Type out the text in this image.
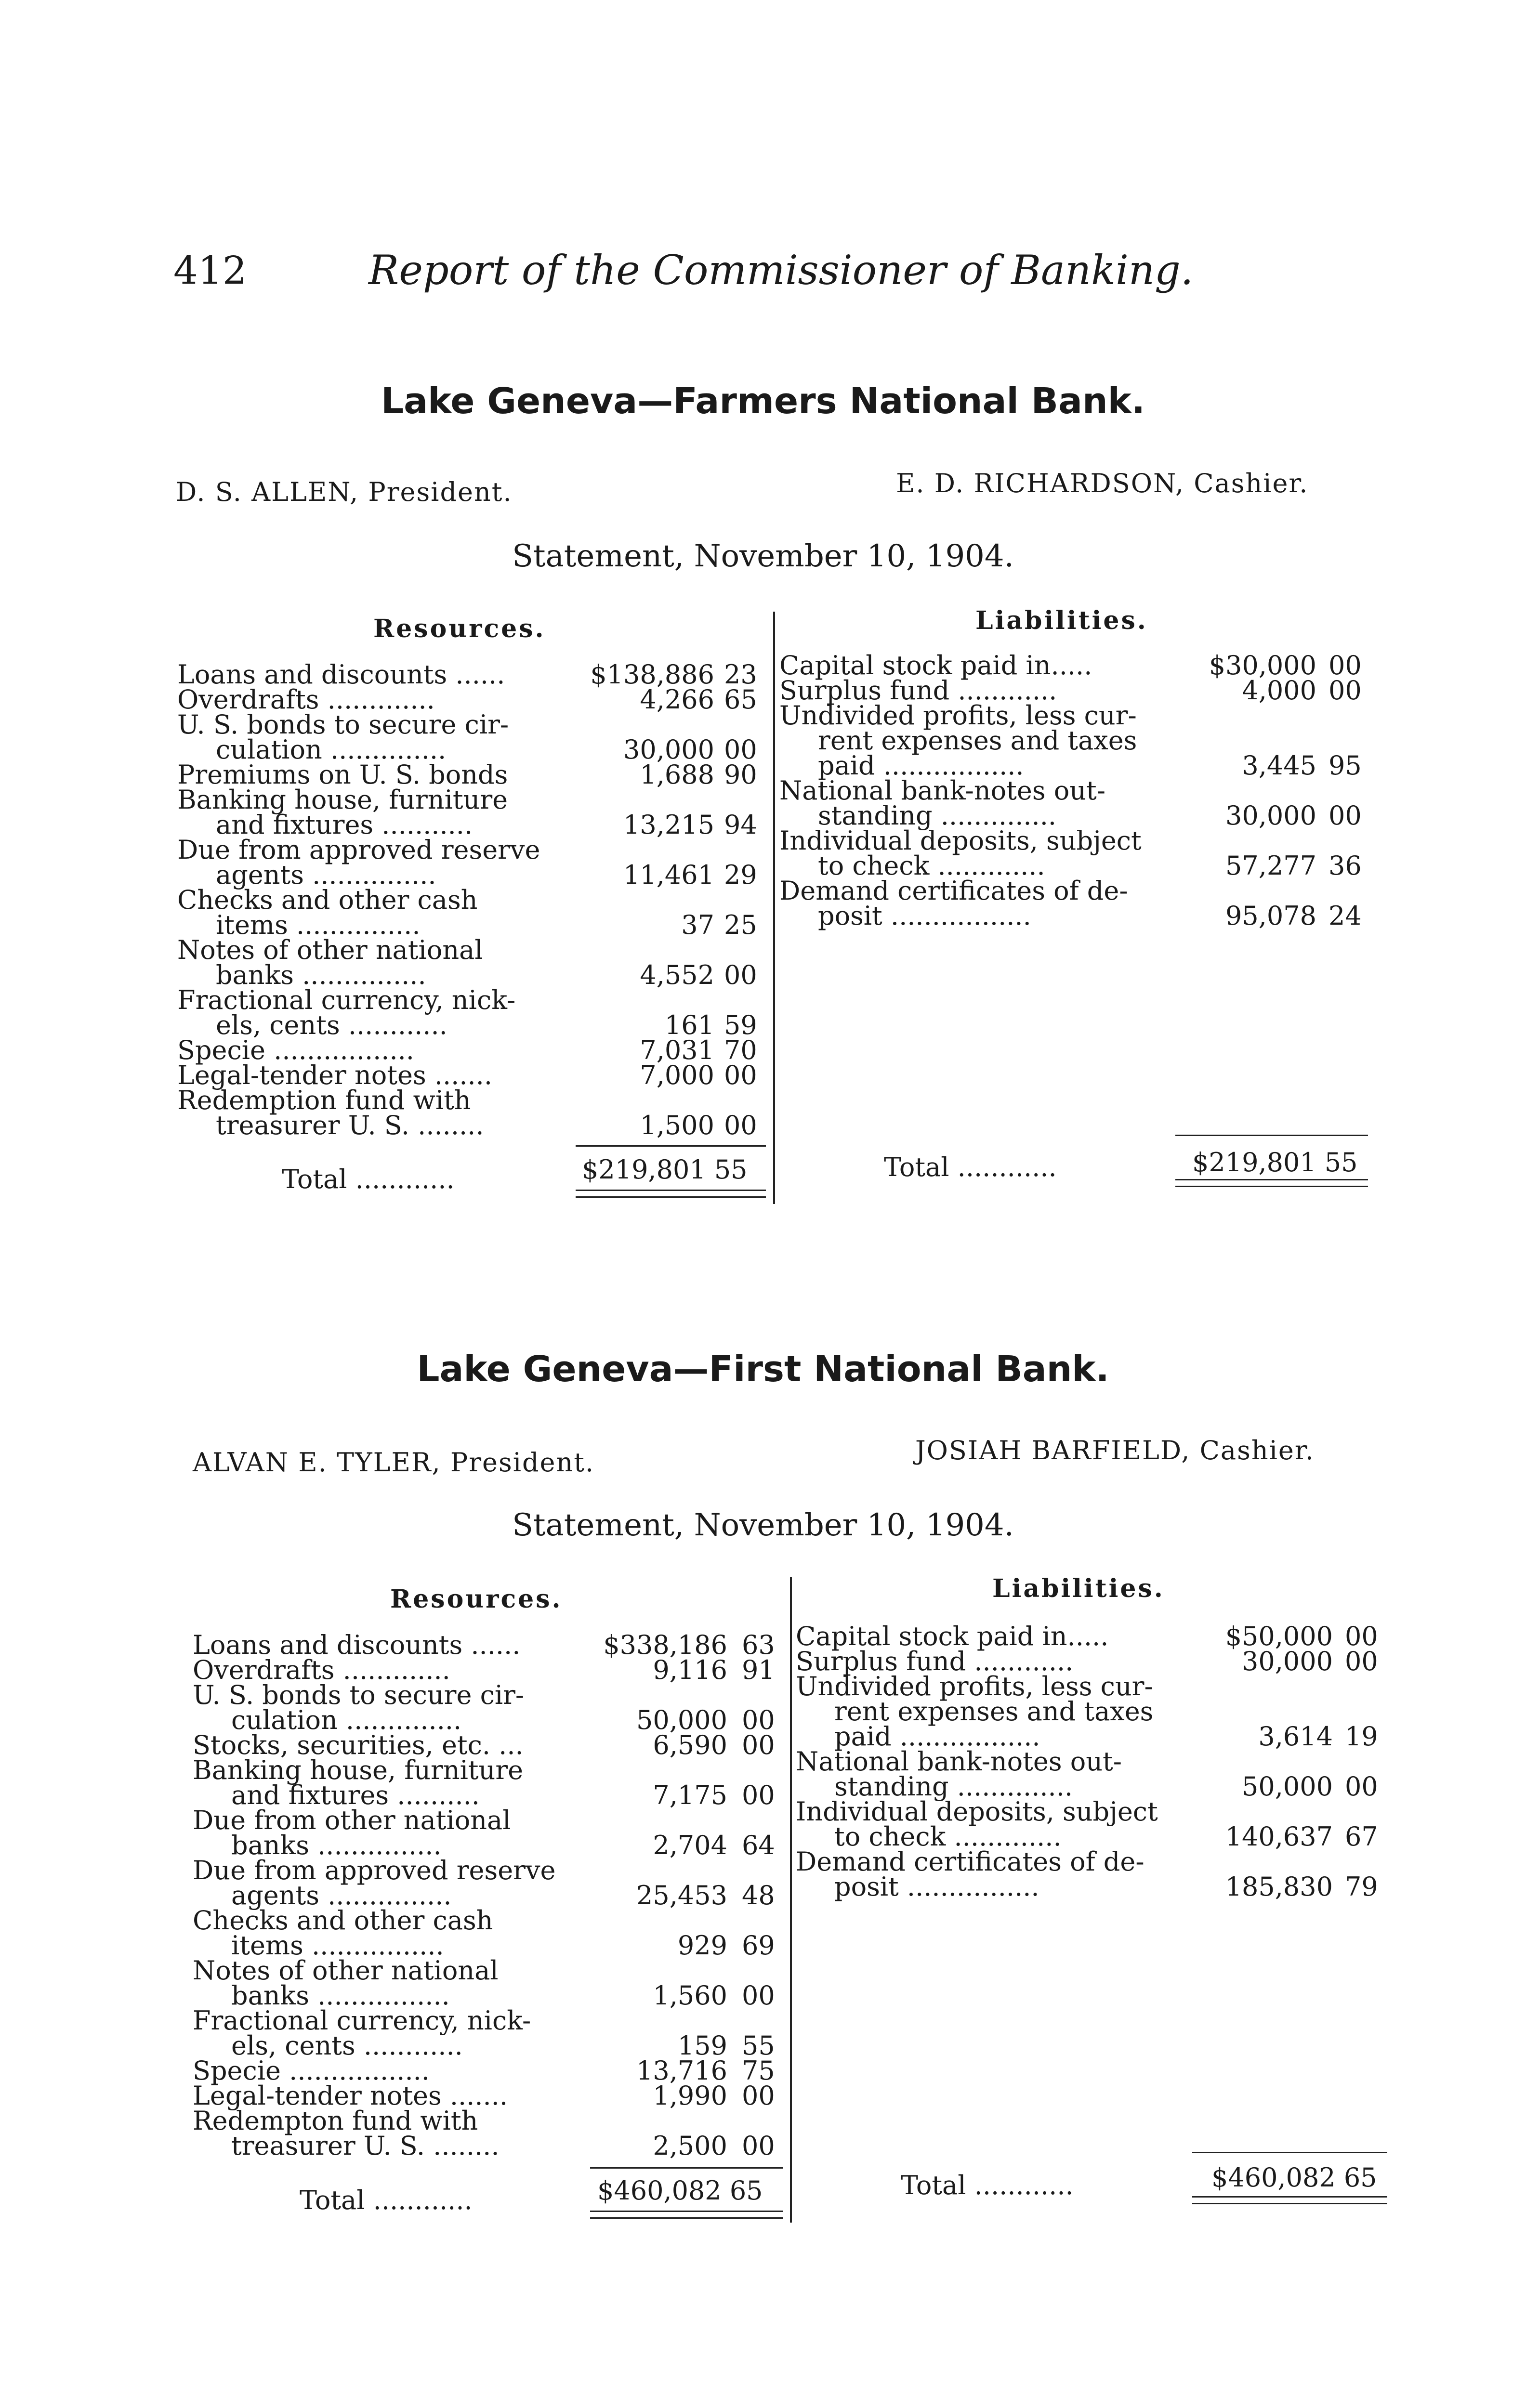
412	Report of the Commissioner of Banking.
Lake Geneva—Farmers National Bank.
D. S. ALLEN, President.	E. D. RICHARDSON, Cashier.
Statement, November 10, 1904.
Resources.	Liabilities.
Loans and discounts ......	$138,886 23
Overdrafts .............	4,266 65
U. S. bonds to secure cir-
culation ..............	30,000 00
Premiums on U. S. bonds	1,688 90
Banking house, furniture
and fixtures ...........	13,215 94
Due from approved reserve
agents ...............	11,461 29
Checks and other cash
items ...............	37 25
Notes of other national
banks ...............	4,552 00
Fractional currency, nick-
els, cents ............	161 59
Specie .................	7,031 70
Legal-tender notes .......	7,000 00
Redemption fund with
treasurer U. S. ........	1,500 00
Capital stock paid in.....	$30,000 00
Surplus fund ............	4,000 00
Undivided profits, less cur-
rent expenses and taxes
paid .................	3,445 95
National bank-notes out-
standing ..............	30,000 00
Individual deposits, subject
to check .............	57,277 36
Demand certificates of de-
posit .................	95,078 24
Total ............	$219,801 55	Total ............	$219,801 55
Lake Geneva—First National Bank.
ALVAN E. TYLER, President.	JOSIAH BARFIELD, Cashier.
Statement, November 10, 1904.
Resources.	Liabilities.
Loans and discounts ......	$338,186 63
Overdrafts .............	9,116 91
U. S. bonds to secure cir-
culation ..............	50,000 00
Stocks, securities, etc. ...	6,590 00
Banking house, furniture
and fixtures ..........	7,175 00
Due from other national
banks ...............	2,704 64
Due from approved reserve
agents ...............	25,453 48
Checks and other cash
items ................	929 69
Notes of other national
banks ................	1,560 00
Fractional currency, nick-
els, cents ............	159 55
Specie .................	13,716 75
Legal-tender notes .......	1,990 00
Redempton fund with
treasurer U. S. ........	2,500 00
Capital stock paid in.....	$50,000 00
Surplus fund ............	30,000 00
Undivided profits, less cur-
rent expenses and taxes
paid .................	3,614 19
National bank-notes out-
standing ..............	50,000 00
Individual deposits, subject
to check .............	140,637 67
Demand certificates of de-
posit ................	185,830 79
Total ............	$460,082 65	Total ............	$460,082 65
